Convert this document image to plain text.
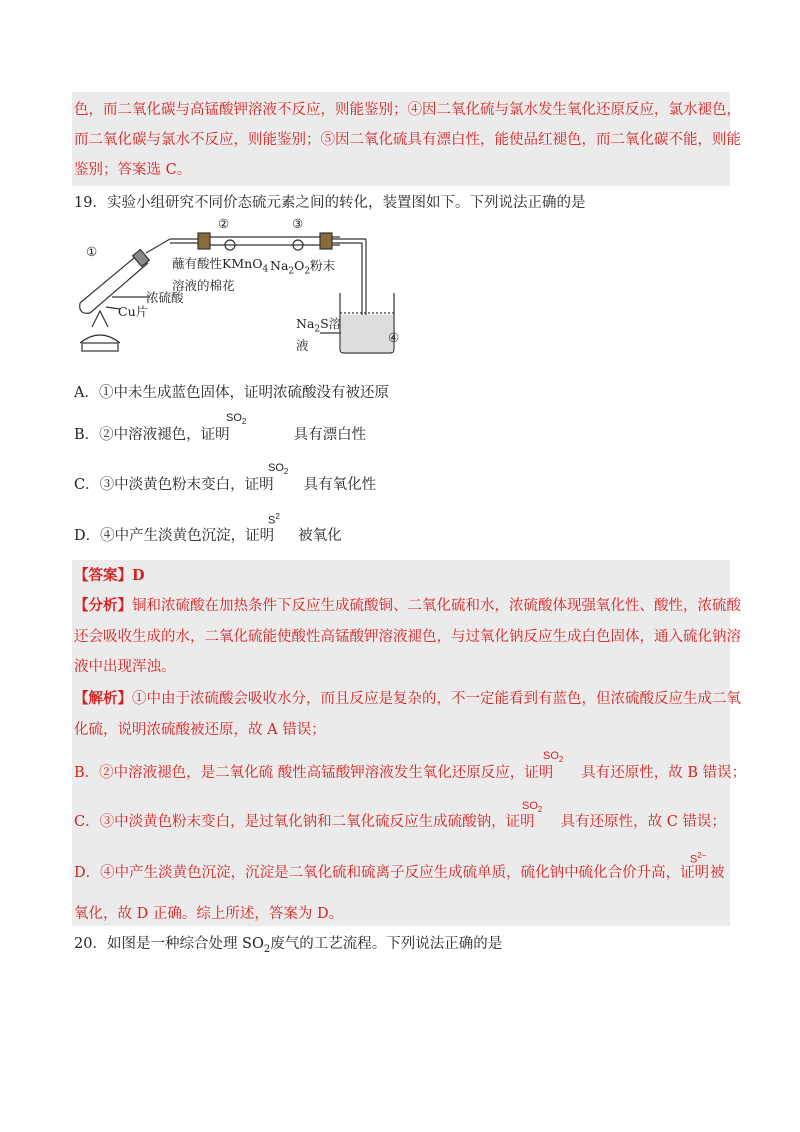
色，而二氧化碳与高锰酸钾溶液不反应，则能鉴别；④因二氧化硫与氯水发生氧化还原反应，氯水褪色，
而二氧化碳与氯水不反应，则能鉴别；⑤因二氧化硫具有漂白性，能使品红褪色，而二氧化碳不能，则能
鉴别；答案选 C。
19．实验小组研究不同价态硫元素之间的转化，装置图如下。下列说法正确的是
①
②	③
④
蘸有酸性KMnO$_4$
溶液的棉花
$Na_2O_2$粉末
浓硫酸
Cu片
$Na_2S$溶
液
A．①中未生成蓝色固体，证明浓硫酸没有被还原
B．②中溶液褪色，证明	具有漂白性
$SO_2$
C．③中淡黄色粉末变白，证明 具有氧化性
$SO_2$
D．④中产生淡黄色沉淀，证明 被氧化
$S^2$
【答案】D
【分析】铜和浓硫酸在加热条件下反应生成硫酸铜、二氧化硫和水，浓硫酸体现强氧化性、酸性，浓硫酸
还会吸收生成的水，二氧化硫能使酸性高锰酸钾溶液褪色，与过氧化钠反应生成白色固体，通入硫化钠溶
液中出现浑浊。
【解析】①中由于浓硫酸会吸收水分，而且反应是复杂的，不一定能看到有蓝色，但浓硫酸反应生成二氧
化硫，说明浓硫酸被还原，故 A 错误；
B．②中溶液褪色，是二氧化硫 酸性高锰酸钾溶液发生氧化还原反应，证明 具有还原性，故 B 错误；
$SO_2$
C．③中淡黄色粉末变白，是过氧化钠和二氧化硫反应生成硫酸钠，证明 具有还原性，故 C 错误；
$SO_2$
D．④中产生淡黄色沉淀，沉淀是二氧化硫和硫离子反应生成硫单质，硫化钠中硫化合价升高，证明
$S^{2-}$
被
氧化，故 D 正确。综上所述，答案为 D。
20．如图是一种综合处理 $SO_2$废气的工艺流程。下列说法正确的是
